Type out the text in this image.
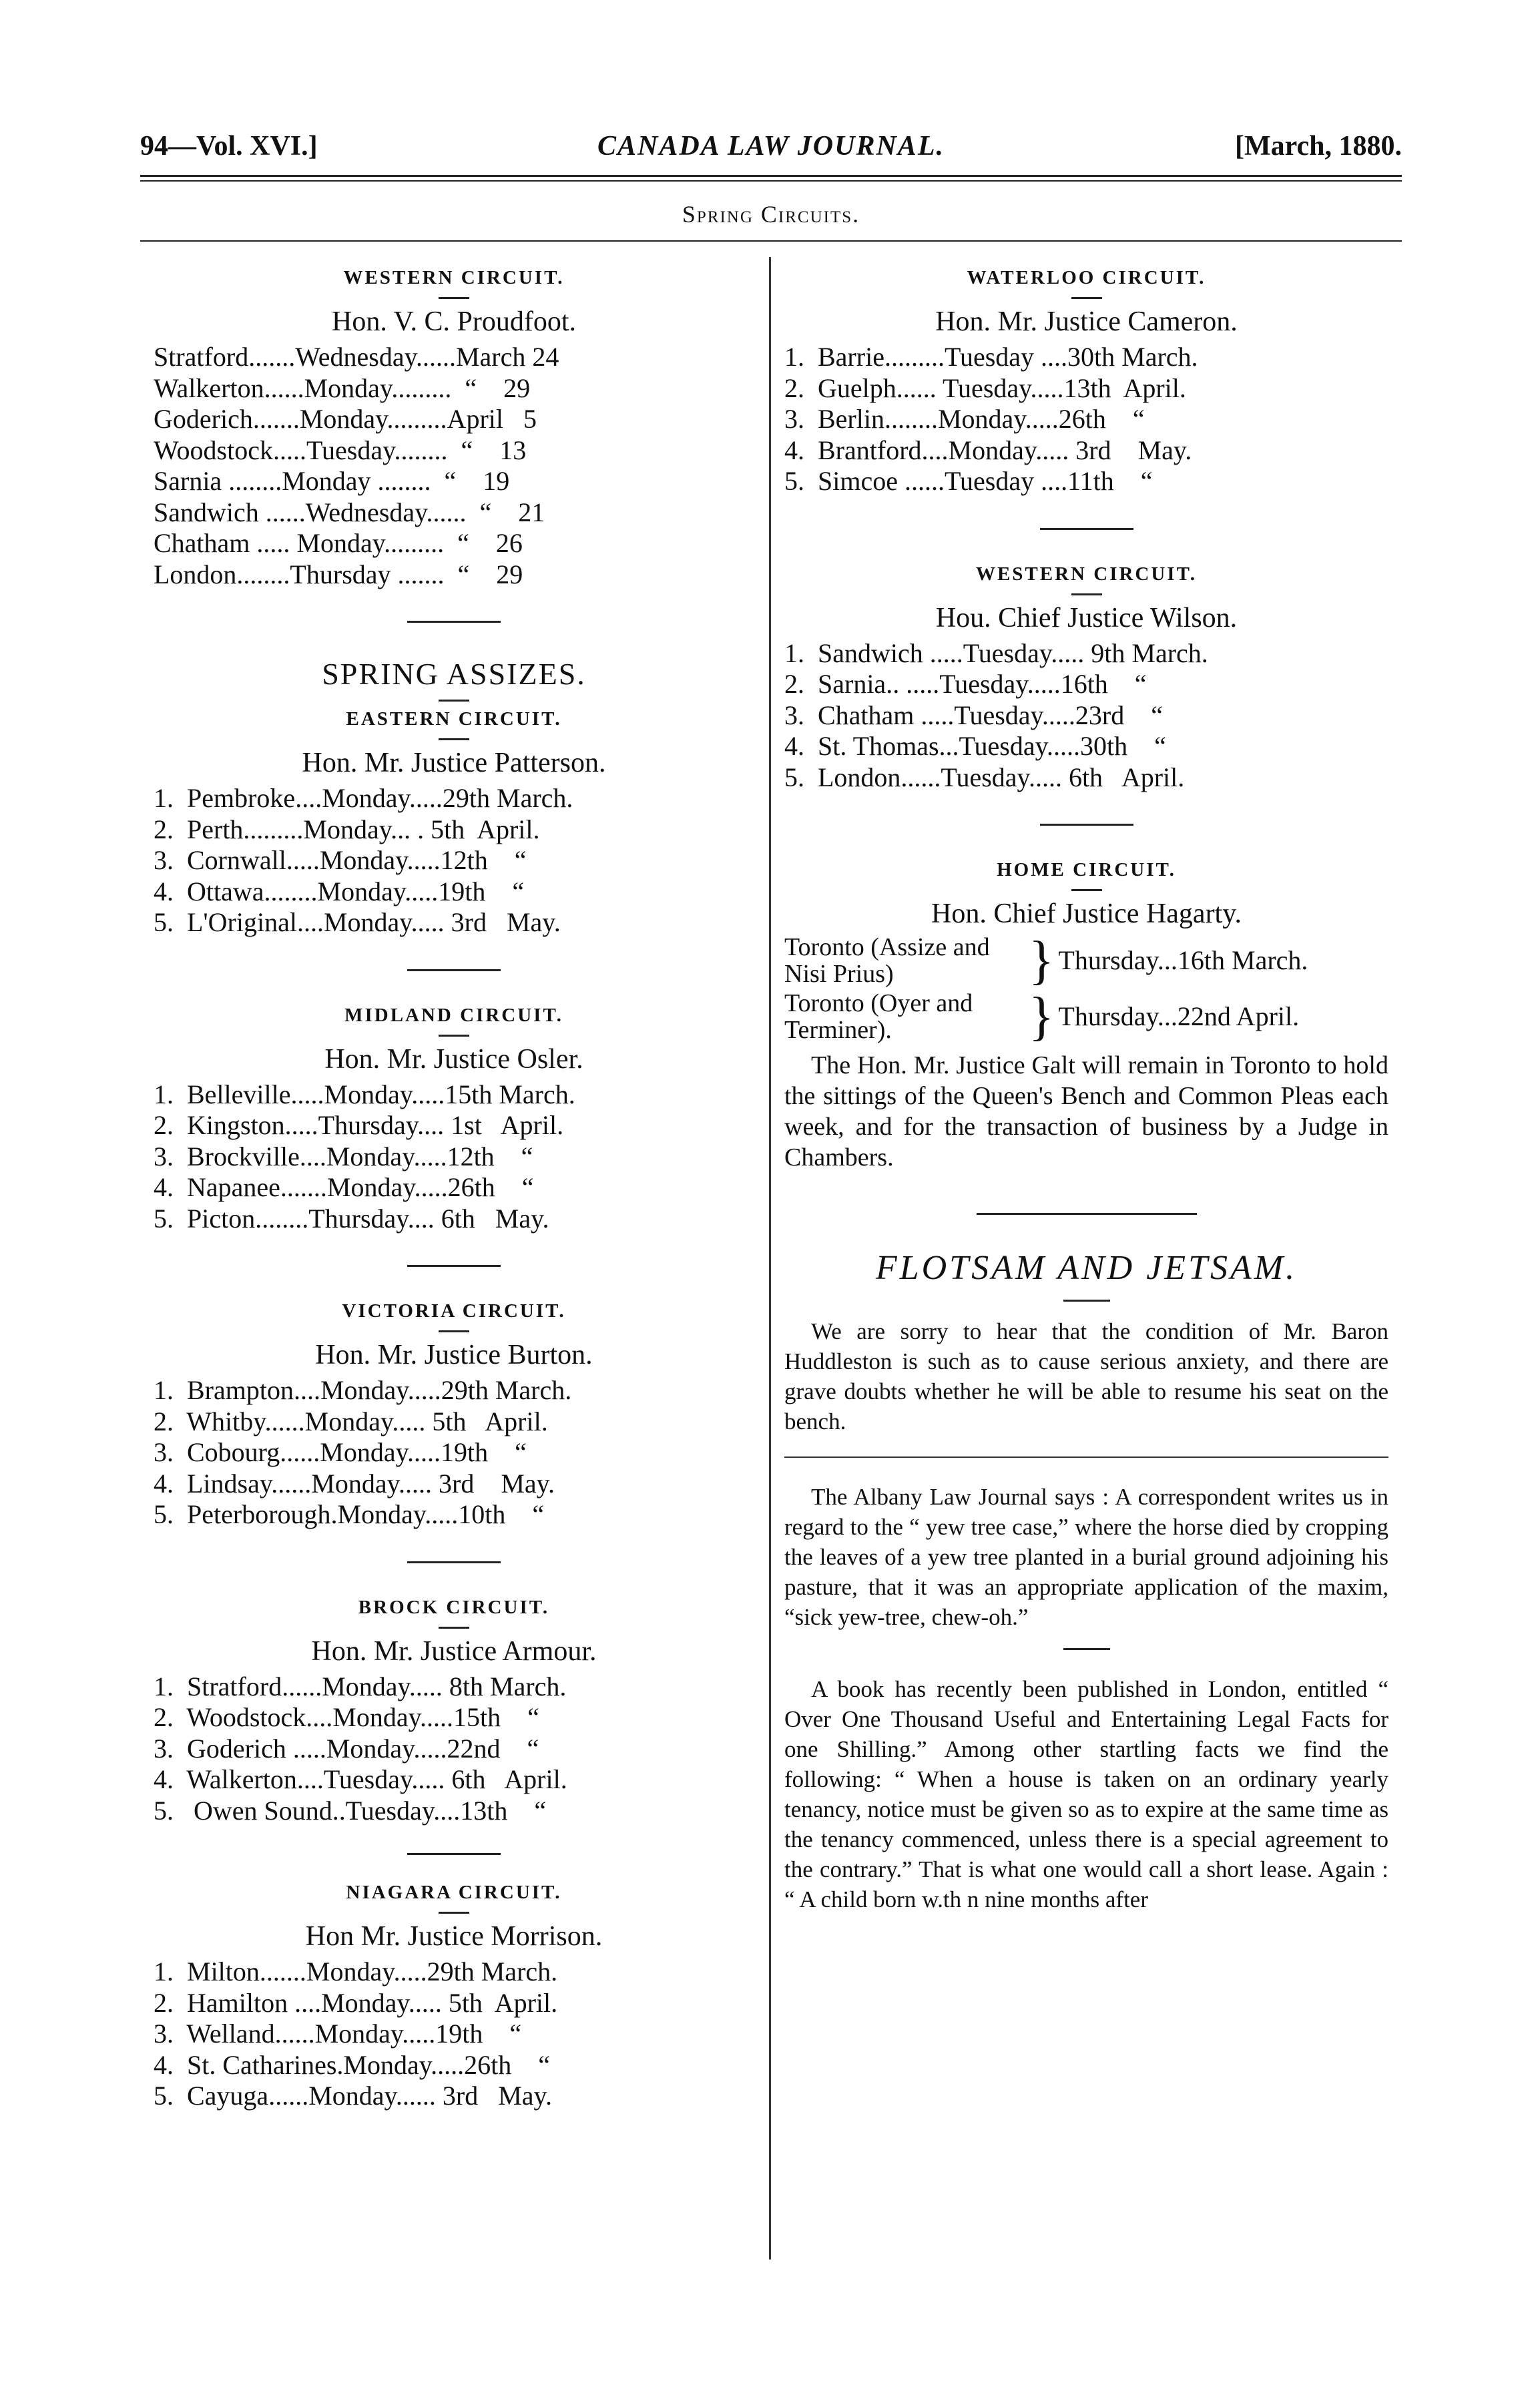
94—Vol. XVI.]	CANADA LAW JOURNAL.	[March, 1880.
Spring Circuits.

WESTERN CIRCUIT.

Hon. V. C. Proudfoot.

Stratford.......Wednesday......March 24
Walkerton......Monday.........  “    29
Goderich.......Monday.........April   5
Woodstock.....Tuesday........  “    13
Sarnia ........Monday ........  “    19
Sandwich ......Wednesday......  “    21
Chatham ..... Monday.........  “    26
London........Thursday .......  “    29

SPRING ASSIZES.

EASTERN CIRCUIT.

Hon. Mr. Justice Patterson.

1.  Pembroke....Monday.....29th March.
2.  Perth.........Monday... . 5th  April.
3.  Cornwall.....Monday.....12th    “
4.  Ottawa........Monday.....19th    “
5.  L'Original....Monday..... 3rd   May.

MIDLAND CIRCUIT.

Hon. Mr. Justice Osler.

1.  Belleville.....Monday.....15th March.
2.  Kingston.....Thursday.... 1st   April.
3.  Brockville....Monday.....12th    “
4.  Napanee.......Monday.....26th    “
5.  Picton........Thursday.... 6th   May.

VICTORIA CIRCUIT.

Hon. Mr. Justice Burton.

1.  Brampton....Monday.....29th March.
2.  Whitby......Monday..... 5th   April.
3.  Cobourg......Monday.....19th    “
4.  Lindsay......Monday..... 3rd    May.
5.  Peterborough.Monday.....10th    “

BROCK CIRCUIT.

Hon. Mr. Justice Armour.

1.  Stratford......Monday..... 8th March.
2.  Woodstock....Monday.....15th    “
3.  Goderich .....Monday.....22nd    “
4.  Walkerton....Tuesday..... 6th   April.
5.   Owen Sound..Tuesday....13th    “

NIAGARA CIRCUIT.

Hon Mr. Justice Morrison.

1.  Milton.......Monday.....29th March.
2.  Hamilton ....Monday..... 5th  April.
3.  Welland......Monday.....19th    “
4.  St. Catharines.Monday.....26th    “
5.  Cayuga......Monday...... 3rd   May.

WATERLOO CIRCUIT.

Hon. Mr. Justice Cameron.

1.  Barrie.........Tuesday ....30th March.
2.  Guelph...... Tuesday.....13th  April.
3.  Berlin........Monday.....26th    “
4.  Brantford....Monday..... 3rd    May.
5.  Simcoe ......Tuesday ....11th    “

WESTERN CIRCUIT.

Hou. Chief Justice Wilson.

1.  Sandwich .....Tuesday..... 9th March.
2.  Sarnia.. .....Tuesday.....16th    “
3.  Chatham .....Tuesday.....23rd    “
4.  St. Thomas...Tuesday.....30th    “
5.  London......Tuesday..... 6th   April.

HOME CIRCUIT.

Hon. Chief Justice Hagarty.

Toronto (Assize and Nisi Prius)	} Thursday...16th March.
Toronto (Oyer and Terminer).	} Thursday...22nd April.

The Hon. Mr. Justice Galt will remain in Toronto to hold the sittings of the Queen's Bench and Common Pleas each week, and for the transaction of business by a Judge in Chambers.

FLOTSAM AND JETSAM.

We are sorry to hear that the condition of Mr. Baron Huddleston is such as to cause serious anxiety, and there are grave doubts whether he will be able to resume his seat on the bench.

The Albany Law Journal says : A correspondent writes us in regard to the “ yew tree case,” where the horse died by cropping the leaves of a yew tree planted in a burial ground adjoining his pasture, that it was an appropriate application of the maxim, “sick yew-tree, chew-oh.”

A book has recently been published in London, entitled “ Over One Thousand Useful and Entertaining Legal Facts for one Shilling.” Among other startling facts we find the following: “ When a house is taken on an ordinary yearly tenancy, notice must be given so as to expire at the same time as the tenancy commenced, unless there is a special agreement to the contrary.” That is what one would call a short lease. Again : “ A child born w.th n nine months after
